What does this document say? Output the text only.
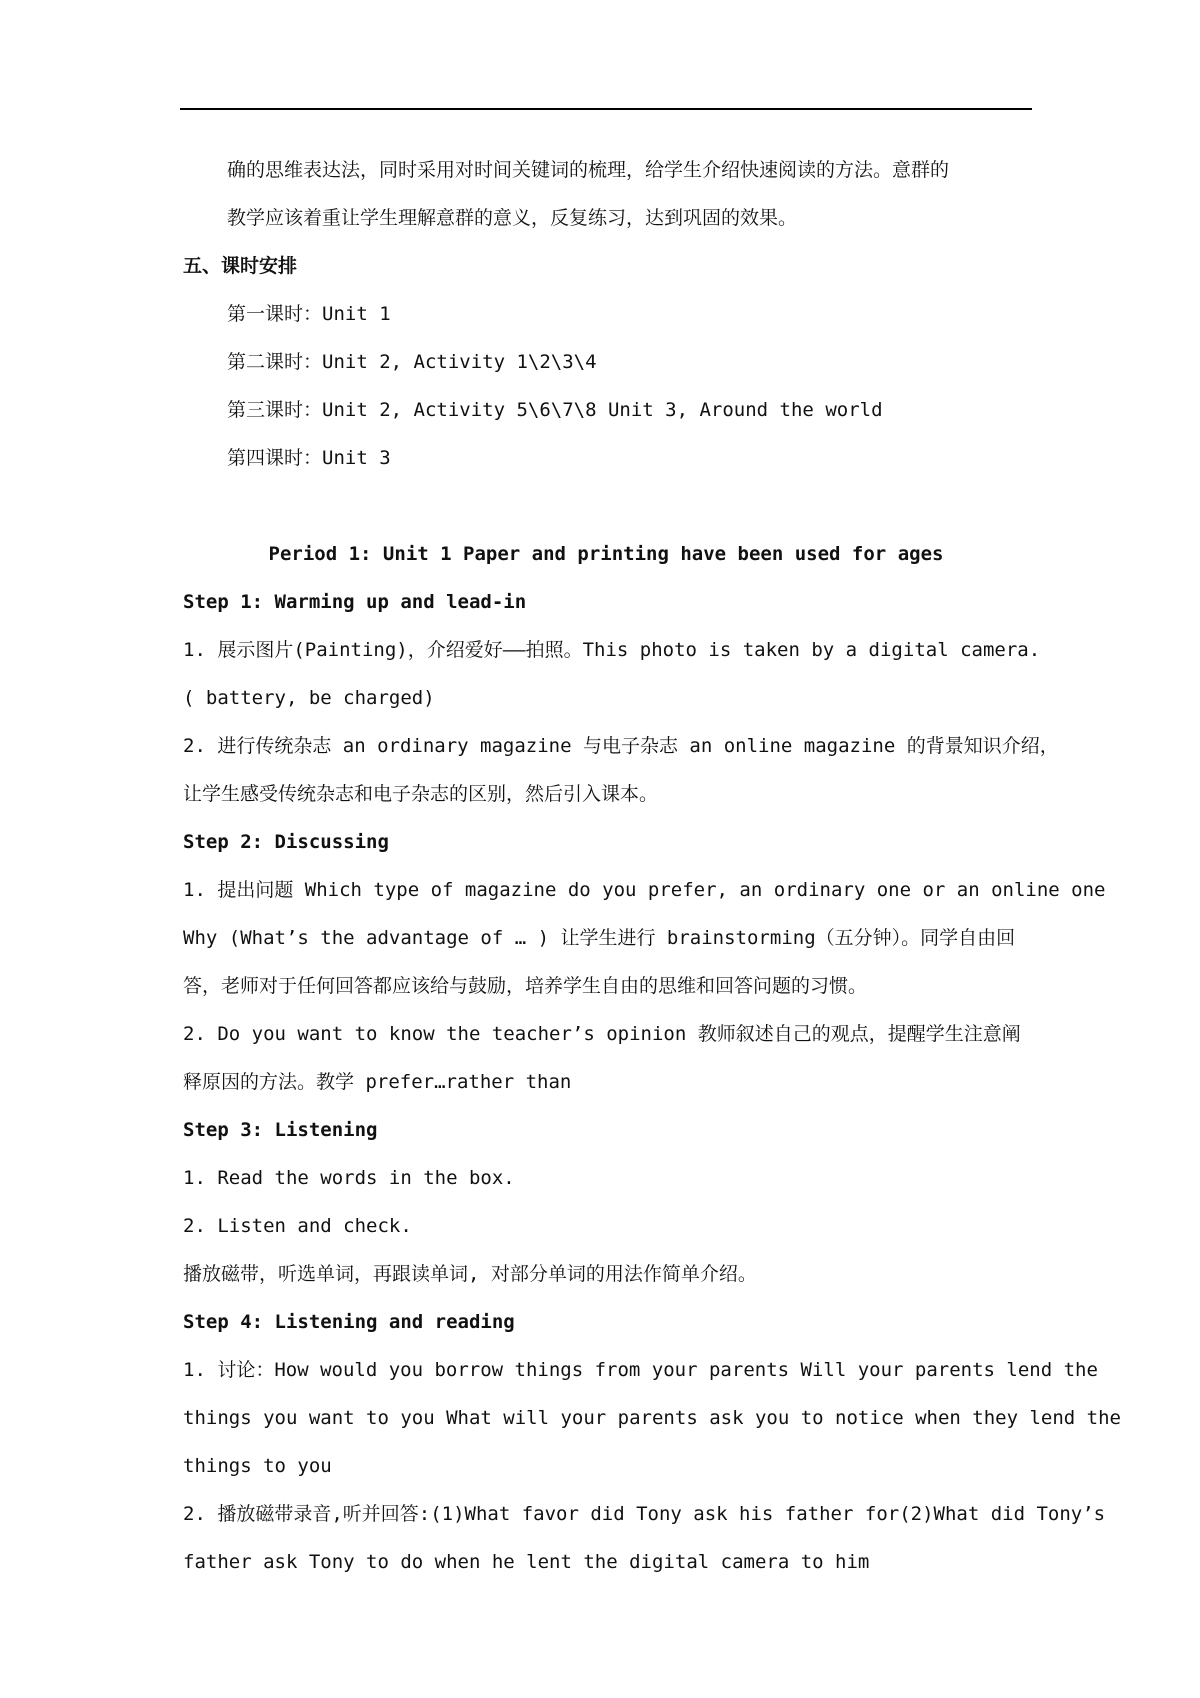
确的思维表达法，同时采用对时间关键词的梳理，给学生介绍快速阅读的方法。意群的
教学应该着重让学生理解意群的意义，反复练习，达到巩固的效果。
五、课时安排
第一课时：Unit 1
第二课时：Unit 2, Activity 1\2\3\4
第三课时：Unit 2, Activity 5\6\7\8 Unit 3, Around the world
第四课时：Unit 3
Period 1: Unit 1 Paper and printing have been used for ages
Step 1: Warming up and lead-in
1. 展示图片(Painting)，介绍爱好——拍照。This photo is taken by a digital camera.
( battery, be charged)
2. 进行传统杂志 an ordinary magazine 与电子杂志 an online magazine 的背景知识介绍，
让学生感受传统杂志和电子杂志的区别，然后引入课本。
Step 2: Discussing
1. 提出问题 Which type of magazine do you prefer, an ordinary one or an online one
Why (What’s the advantage of … ) 让学生进行 brainstorming（五分钟）。同学自由回
答，老师对于任何回答都应该给与鼓励，培养学生自由的思维和回答问题的习惯。
2. Do you want to know the teacher’s opinion 教师叙述自己的观点，提醒学生注意阐
释原因的方法。教学 prefer…rather than
Step 3: Listening
1. Read the words in the box.
2. Listen and check.
播放磁带，听选单词，再跟读单词, 对部分单词的用法作简单介绍。
Step 4: Listening and reading
1. 讨论：How would you borrow things from your parents Will your parents lend the
things you want to you What will your parents ask you to notice when they lend the
things to you
2. 播放磁带录音,听并回答:(1)What favor did Tony ask his father for(2)What did Tony’s
father ask Tony to do when he lent the digital camera to him
